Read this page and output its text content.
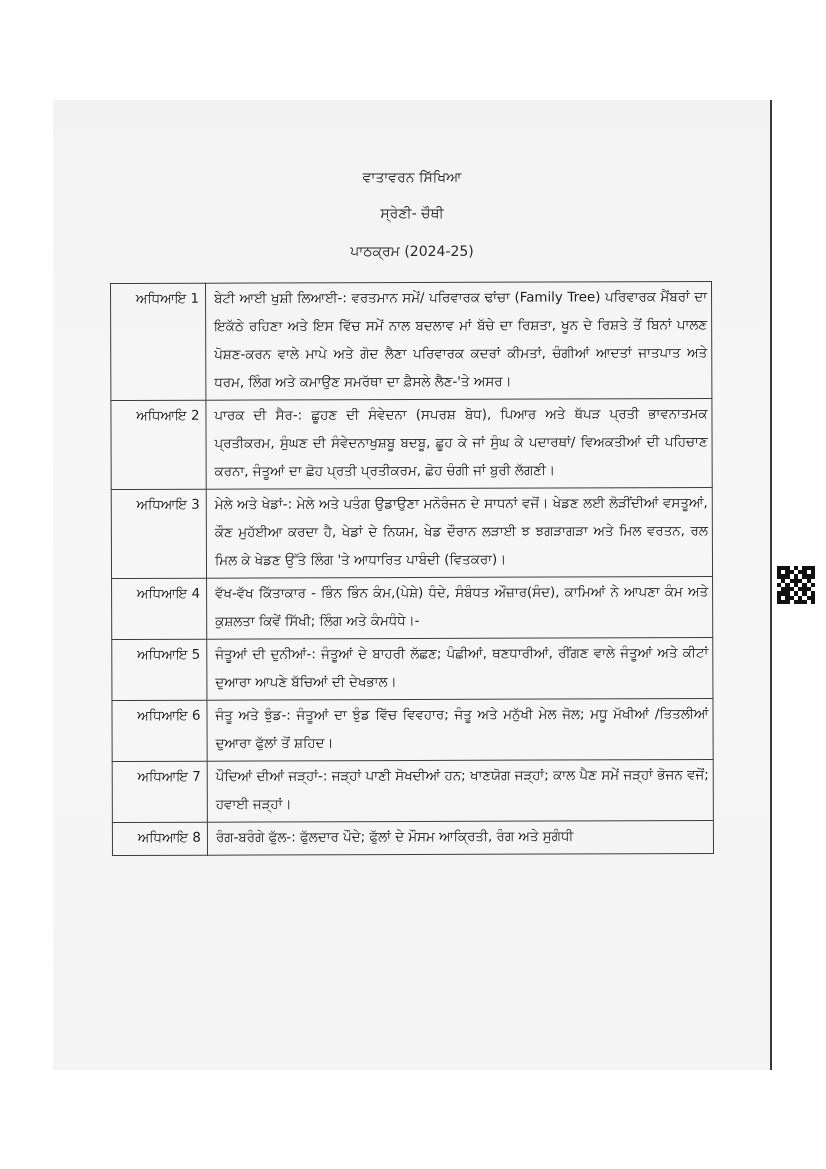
ਵਾਤਾਵਰਨ ਸਿੱਖਿਆ
ਸ੍ਰੇਣੀ- ਚੌਥੀ
ਪਾਠਕ੍ਰਮ (2024-25)
ਅਧਿਆਇ 1	ਬੇਟੀ ਆਈ ਖੁਸ਼ੀ ਲਿਆਈ-: ਵਰਤਮਾਨ ਸਮੇਂ/ ਪਰਿਵਾਰਕ ਢਾਂਚਾ (Family Tree) ਪਰਿਵਾਰਕ ਮੈਂਬਰਾਂ ਦਾ ਇਕੱਠੇ ਰਹਿਣਾ ਅਤੇ ਇਸ ਵਿੱਚ ਸਮੇਂ ਨਾਲ ਬਦਲਾਵ ਮਾਂ ਬੱਚੇ ਦਾ ਰਿਸ਼ਤਾ, ਖੂਨ ਦੇ ਰਿਸ਼ਤੇ ਤੋਂ ਬਿਨਾਂ ਪਾਲਣ ਪੋਸ਼ਣ-ਕਰਨ ਵਾਲੇ ਮਾਪੇ ਅਤੇ ਗੋਦ ਲੈਣਾ ਪਰਿਵਾਰਕ ਕਦਰਾਂ ਕੀਮਤਾਂ, ਚੰਗੀਆਂ ਆਦਤਾਂ ਜਾਤਪਾਤ ਅਤੇ ਧਰਮ, ਲਿੰਗ ਅਤੇ ਕਮਾਉਣ ਸਮਰੱਥਾ ਦਾ ਫ਼ੈਸਲੇ ਲੈਣ-'ਤੇ ਅਸਰ।
ਅਧਿਆਇ 2	ਪਾਰਕ ਦੀ ਸੈਰ-: ਛੂਹਣ ਦੀ ਸੰਵੇਦਨਾ (ਸਪਰਸ਼ ਬੋਧ), ਪਿਆਰ ਅਤੇ ਥੱਪੜ ਪ੍ਰਤੀ ਭਾਵਨਾਤਮਕ ਪ੍ਰਤੀਕਰਮ, ਸੁੰਘਣ ਦੀ ਸੰਵੇਦਨਾਖੁਸ਼ਬੂ ਬਦਬੂ, ਛੂਹ ਕੇ ਜਾਂ ਸੁੰਘ ਕੇ ਪਦਾਰਥਾਂ/ ਵਿਅਕਤੀਆਂ ਦੀ ਪਹਿਚਾਣ ਕਰਨਾ, ਜੰਤੂਆਂ ਦਾ ਛੋਹ ਪ੍ਰਤੀ ਪ੍ਰਤੀਕਰਮ, ਛੋਹ ਚੰਗੀ ਜਾਂ ਬੁਰੀ ਲੱਗਣੀ।
ਅਧਿਆਇ 3	ਮੇਲੇ ਅਤੇ ਖੇਡਾਂ-: ਮੇਲੇ ਅਤੇ ਪਤੰਗ ਉਡਾਉਣਾ ਮਨੋਰੰਜਨ ਦੇ ਸਾਧਨਾਂ ਵਜੋਂ। ਖੇਡਣ ਲਈ ਲੋੜੀਂਦੀਆਂ ਵਸਤੂਆਂ, ਕੌਣ ਮੁਹੱਈਆ ਕਰਦਾ ਹੈ, ਖੇਡਾਂ ਦੇ ਨਿਯਮ, ਖੇਡ ਦੌਰਾਨ ਲੜਾਈ ਝ ਝਗੜਾਗੜਾ ਅਤੇ ਮਿਲ ਵਰਤਨ, ਰਲ ਮਿਲ ਕੇ ਖੇਡਣ ਉੱਤੇ ਲਿੰਗ 'ਤੇ ਆਧਾਰਿਤ ਪਾਬੰਦੀ (ਵਿਤਕਰਾ)।
ਅਧਿਆਇ 4	ਵੱਖ-ਵੱਖ ਕਿੱਤਾਕਾਰ - ਭਿੰਨ ਭਿੰਨ ਕੰਮ,(ਪੇਸ਼ੇ) ਧੰਦੇ, ਸੰਬੰਧਤ ਔਜ਼ਾਰ(ਸੰਦ), ਕਾਮਿਆਂ ਨੇ ਆਪਣਾ ਕੰਮ ਅਤੇ ਕੁਸ਼ਲਤਾ ਕਿਵੇਂ ਸਿੱਖੀ; ਲਿੰਗ ਅਤੇ ਕੰਮਧੰਧੇ।-
ਅਧਿਆਇ 5	ਜੰਤੂਆਂ ਦੀ ਦੁਨੀਆਂ-: ਜੰਤੂਆਂ ਦੇ ਬਾਹਰੀ ਲੱਛਣ; ਪੰਛੀਆਂ, ਥਣਧਾਰੀਆਂ, ਰੀਂਗਣ ਵਾਲੇ ਜੰਤੂਆਂ ਅਤੇ ਕੀਟਾਂ ਦੁਆਰਾ ਆਪਣੇ ਬੱਚਿਆਂ ਦੀ ਦੇਖਭਾਲ।
ਅਧਿਆਇ 6	ਜੰਤੂ ਅਤੇ ਝੁੰਡ-: ਜੰਤੂਆਂ ਦਾ ਝੁੰਡ ਵਿੱਚ ਵਿਵਹਾਰ; ਜੰਤੂ ਅਤੇ ਮਨੁੱਖੀ ਮੇਲ ਜੋਲ; ਮਧੂ ਮੱਖੀਆਂ /ਤਿਤਲੀਆਂ ਦੁਆਰਾ ਫੁੱਲਾਂ ਤੋਂ ਸ਼ਹਿਦ।
ਅਧਿਆਇ 7	ਪੌਦਿਆਂ ਦੀਆਂ ਜੜ੍ਹਾਂ-: ਜੜ੍ਹਾਂ ਪਾਣੀ ਸੋਖਦੀਆਂ ਹਨ; ਖਾਣਯੋਗ ਜੜ੍ਹਾਂ; ਕਾਲ ਪੈਣ ਸਮੇਂ ਜੜ੍ਹਾਂ ਭੋਜਨ ਵਜੋਂ; ਹਵਾਈ ਜੜ੍ਹਾਂ।
ਅਧਿਆਇ 8	ਰੰਗ-ਬਰੰਗੇ ਫੁੱਲ-: ਫੁੱਲਦਾਰ ਪੌਦੇ; ਫੁੱਲਾਂ ਦੇ ਮੌਸਮ ਆਕ੍ਰਿਤੀ, ਰੰਗ ਅਤੇ ਸੁਗੰਧੀ
